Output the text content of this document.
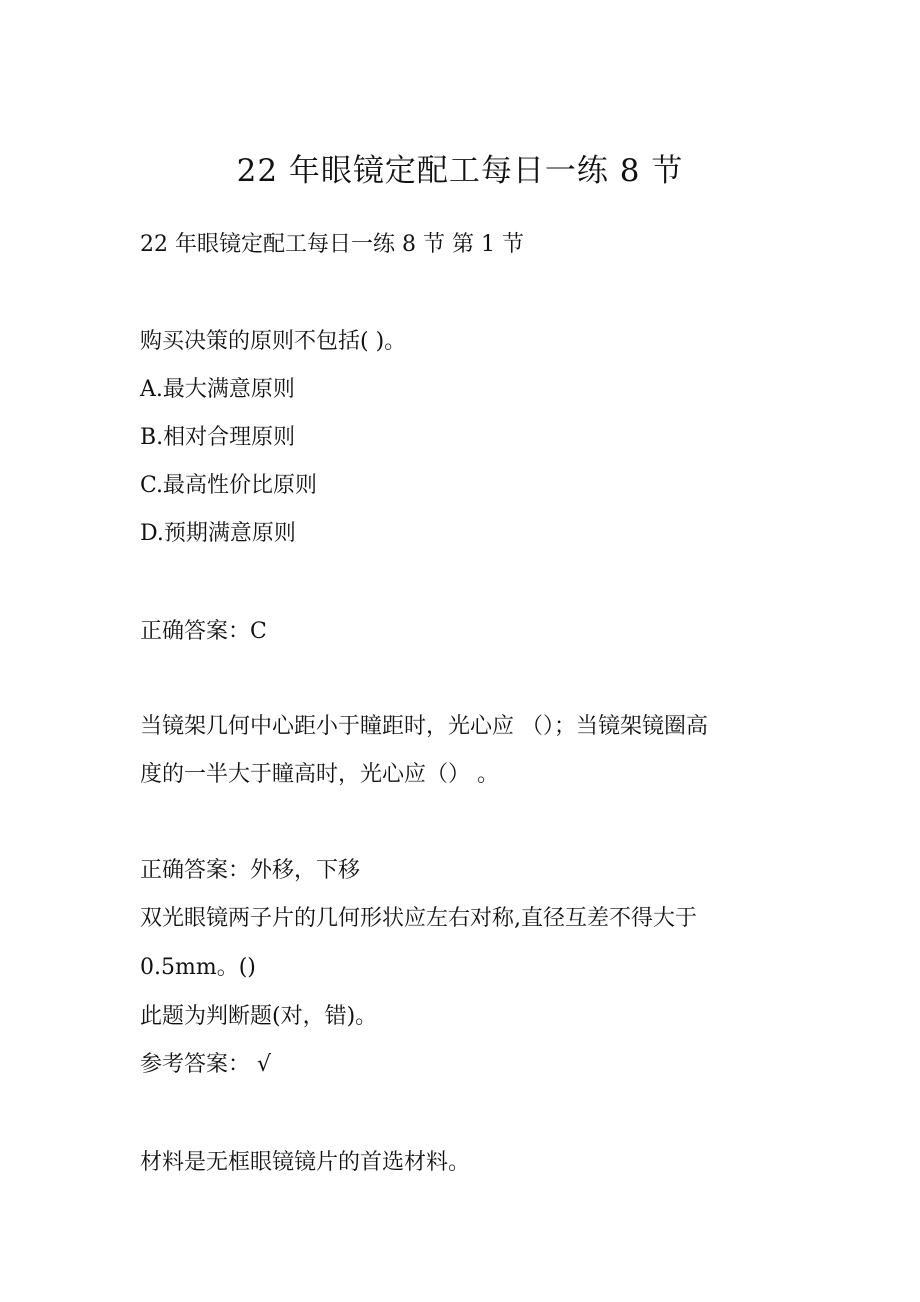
22 年眼镜定配工每日一练 8 节

22 年眼镜定配工每日一练 8 节 第 1 节

购买决策的原则不包括( )。

A.最大满意原则

B.相对合理原则

C.最高性价比原则

D.预期满意原则

正确答案：C

当镜架几何中心距小于瞳距时，光心应 （）；当镜架镜圈高

度的一半大于瞳高时，光心应（） 。

正确答案：外移，下移

双光眼镜两子片的几何形状应左右对称,直径互差不得大于

0.5mm。()

此题为判断题(对，错)。

参考答案： √

材料是无框眼镜镜片的首选材料。
